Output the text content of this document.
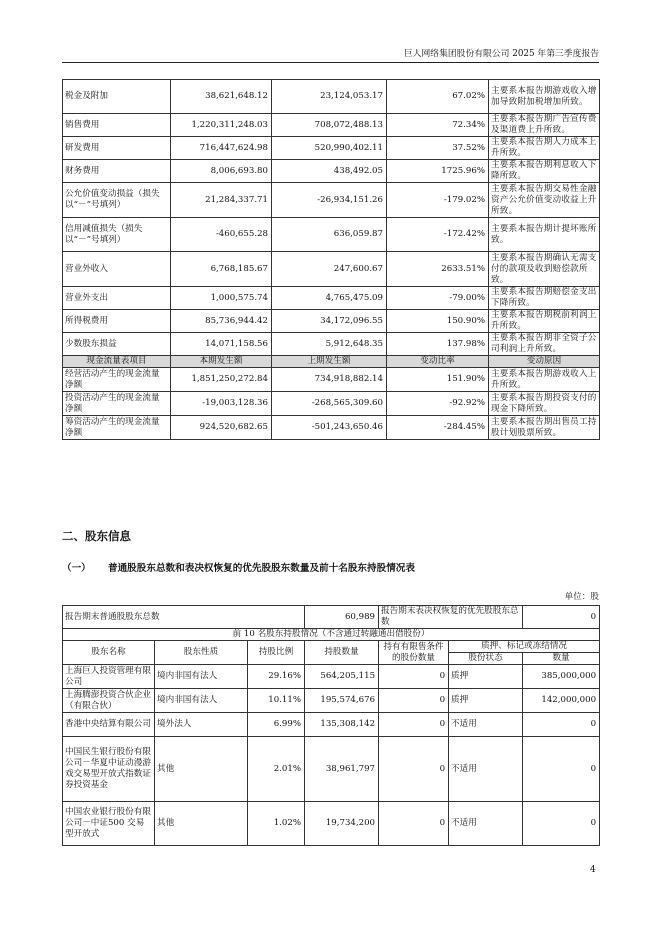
巨人网络集团股份有限公司 2025 年第三季度报告
税金及附加	38,621,648.12	23,124,053.17	67.02%	主要系本报告期游戏收入增加导致附加税增加所致。
销售费用	1,220,311,248.03	708,072,488.13	72.34%	主要系本报告期广告宣传费及渠道费上升所致。
研发费用	716,447,624.98	520,990,402.11	37.52%	主要系本报告期人力成本上升所致。
财务费用	8,006,693.80	438,492.05	1725.96%	主要系本报告期利息收入下降所致。
公允价值变动损益（损失以“－”号填列）	21,284,337.71	-26,934,151.26	-179.02%	主要系本报告期交易性金融资产公允价值变动收益上升所致。
信用减值损失（损失以“－”号填列）	-460,655.28	636,059.87	-172.42%	主要系本报告期计提坏账所致。
营业外收入	6,768,185.67	247,600.67	2633.51%	主要系本报告期确认无需支付的款项及收到赔偿款所致。
营业外支出	1,000,575.74	4,765,475.09	-79.00%	主要系本报告期赔偿金支出下降所致。
所得税费用	85,736,944.42	34,172,096.55	150.90%	主要系本报告期税前利润上升所致。
少数股东损益	14,071,158.56	5,912,648.35	137.98%	主要系本报告期非全资子公司利润上升所致。
现金流量表项目	本期发生额	上期发生额	变动比率	变动原因
经营活动产生的现金流量净额	1,851,250,272.84	734,918,882.14	151.90%	主要系本报告期游戏收入上升所致。
投资活动产生的现金流量净额	-19,003,128.36	-268,565,309.60	-92.92%	主要系本报告期投资支付的现金下降所致。
筹资活动产生的现金流量净额	924,520,682.65	-501,243,650.46	-284.45%	主要系本报告期出售员工持股计划股票所致。
二、股东信息
（一） 普通股股东总数和表决权恢复的优先股股东数量及前十名股东持股情况表
单位：股
报告期末普通股股东总数			60,989	报告期末表决权恢复的优先股股东总数		0
前 10 名股东持股情况（不含通过转融通出借股份）						
股东名称	股东性质	持股比例	持股数量	持有有限售条件的股份数量	质押、标记或冻结情况	
					股份状态	数量
上海巨人投资管理有限公司	境内非国有法人	29.16%	564,205,115	0	质押	385,000,000
上海腾澎投资合伙企业（有限合伙）	境内非国有法人	10.11%	195,574,676	0	质押	142,000,000
香港中央结算有限公司	境外法人	6.99%	135,308,142	0	不适用	0
中国民生银行股份有限公司－华夏中证动漫游戏交易型开放式指数证券投资基金	其他	2.01%	38,961,797	0	不适用	0
中国农业银行股份有限公司－中证500 交易型开放式	其他	1.02%	19,734,200	0	不适用	0
4
